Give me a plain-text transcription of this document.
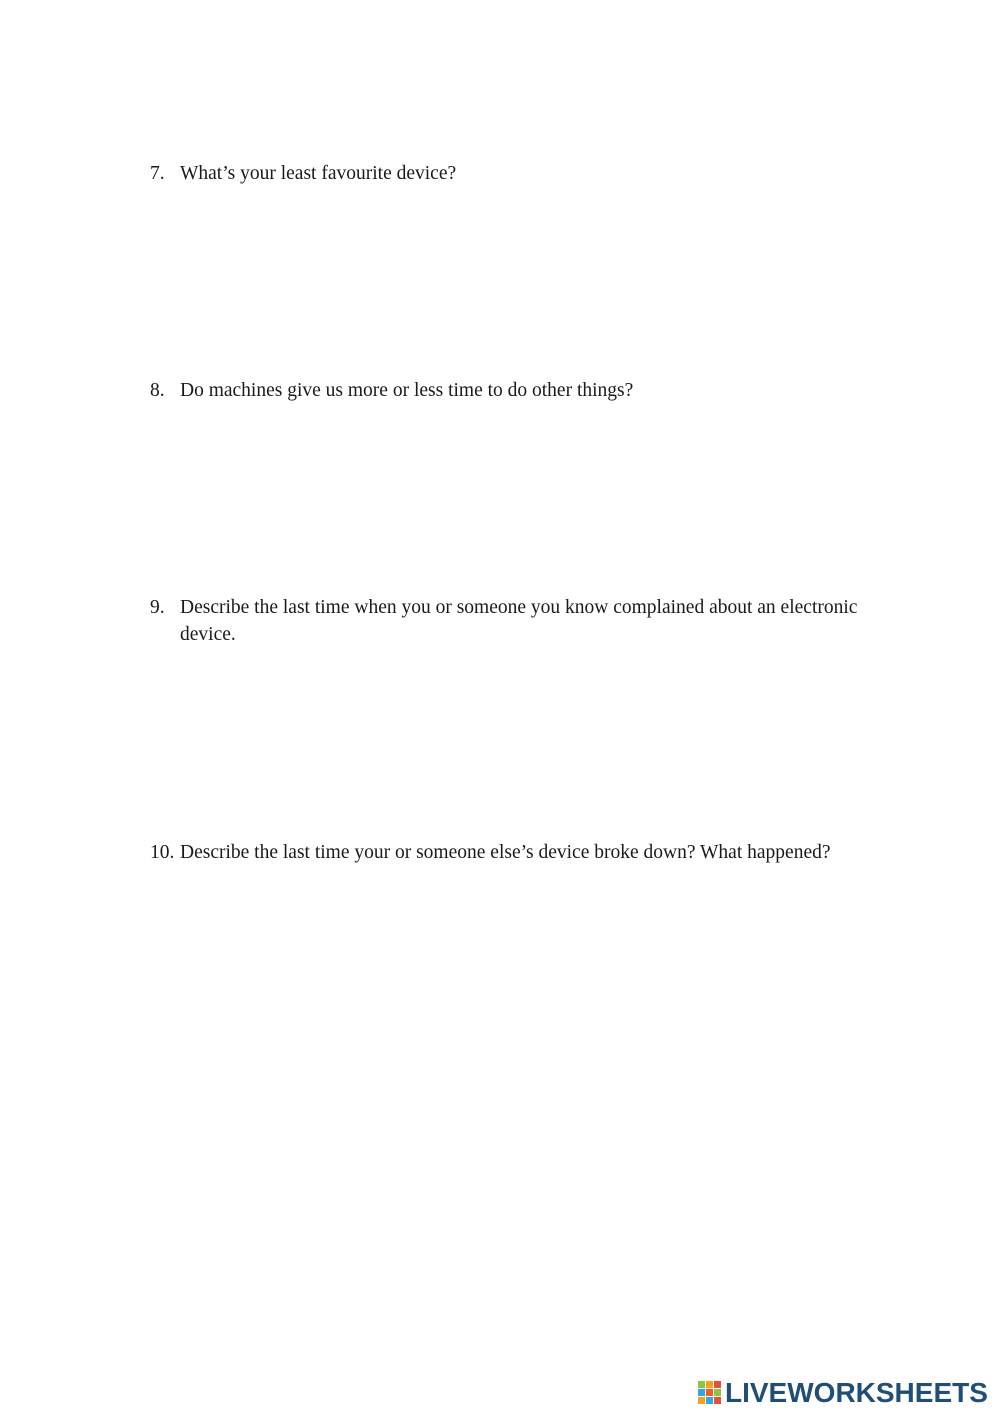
7. What’s your least favourite device?
8. Do machines give us more or less time to do other things?
9. Describe the last time when you or someone you know complained about an electronic device.
10. Describe the last time your or someone else’s device broke down? What happened?
LIVEWORKSHEETS
